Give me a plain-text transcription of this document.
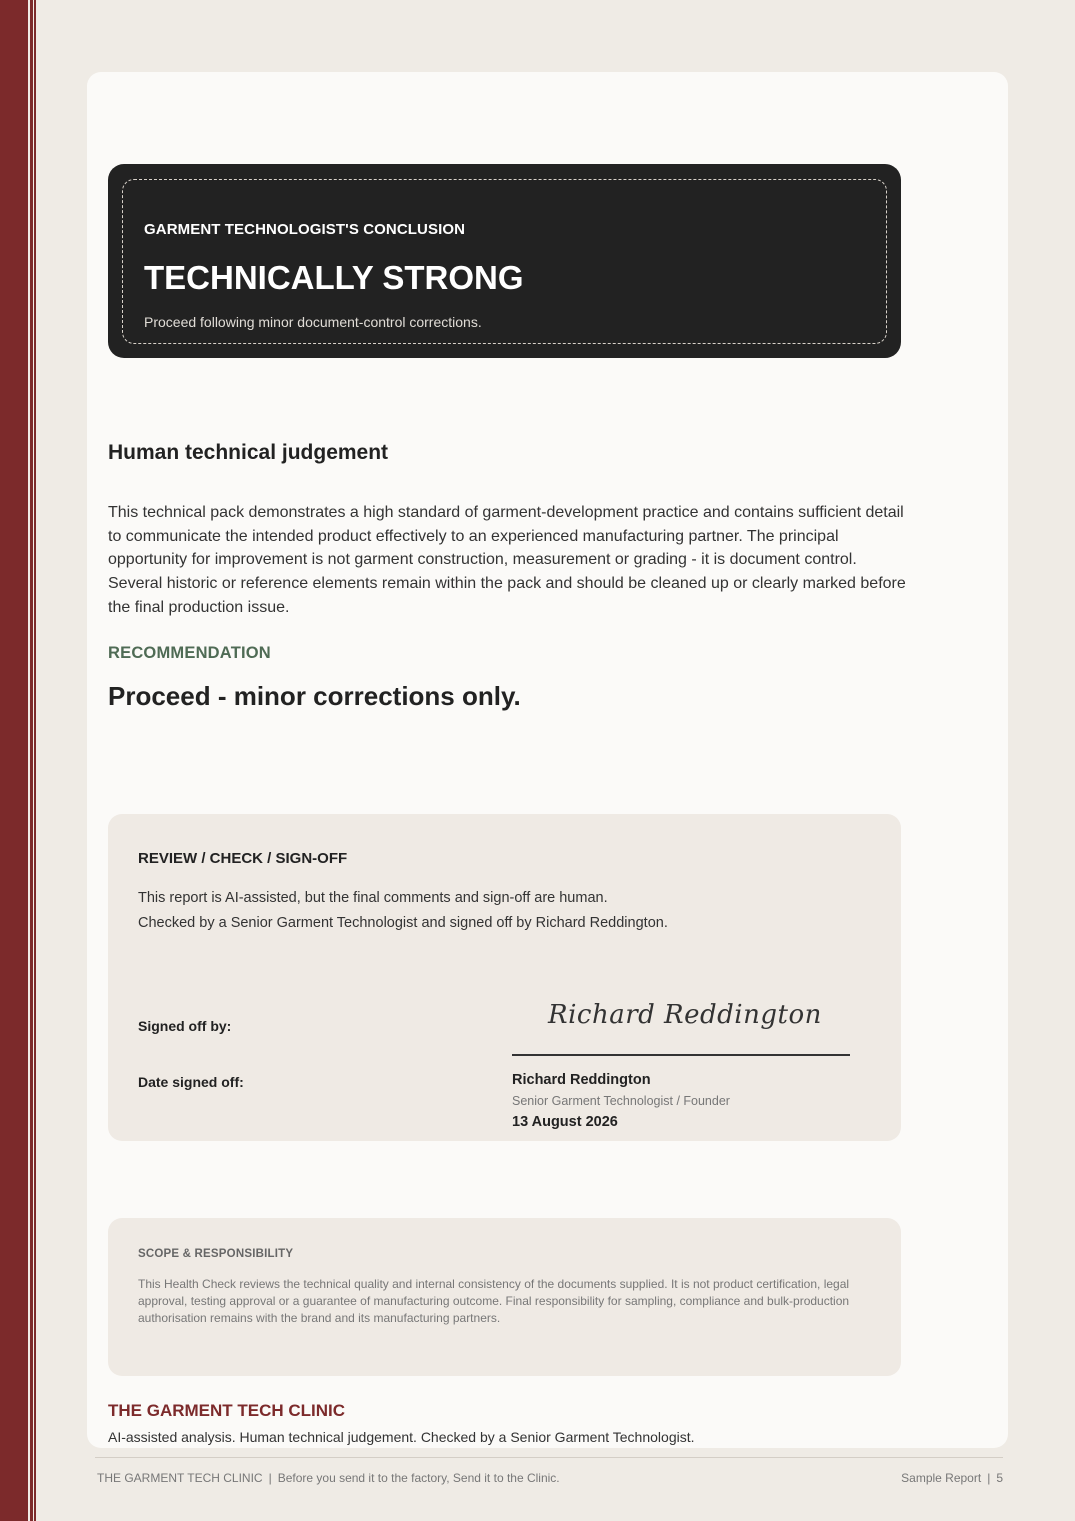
GARMENT TECHNOLOGIST'S CONCLUSION
TECHNICALLY STRONG
Proceed following minor document-control corrections.
Human technical judgement

This technical pack demonstrates a high standard of garment-development practice and contains sufficient detail to communicate the intended product effectively to an experienced manufacturing partner. The principal opportunity for improvement is not garment construction, measurement or grading - it is document control. Several historic or reference elements remain within the pack and should be cleaned up or clearly marked before the final production issue.

RECOMMENDATION
Proceed - minor corrections only.
REVIEW / CHECK / SIGN-OFF
This report is AI-assisted, but the final comments and sign-off are human.
Checked by a Senior Garment Technologist and signed off by Richard Reddington.
Signed off by:
Date signed off:
Richard Reddington
Richard Reddington
Senior Garment Technologist / Founder
13 August 2026
SCOPE & RESPONSIBILITY

This Health Check reviews the technical quality and internal consistency of the documents supplied. It is not product certification, legal approval, testing approval or a guarantee of manufacturing outcome. Final responsibility for sampling, compliance and bulk-production authorisation remains with the brand and its manufacturing partners.

THE GARMENT TECH CLINIC
AI-assisted analysis. Human technical judgement. Checked by a Senior Garment Technologist.
THE GARMENT TECH CLINIC | Before you send it to the factory, Send it to the Clinic.	Sample Report | 5
